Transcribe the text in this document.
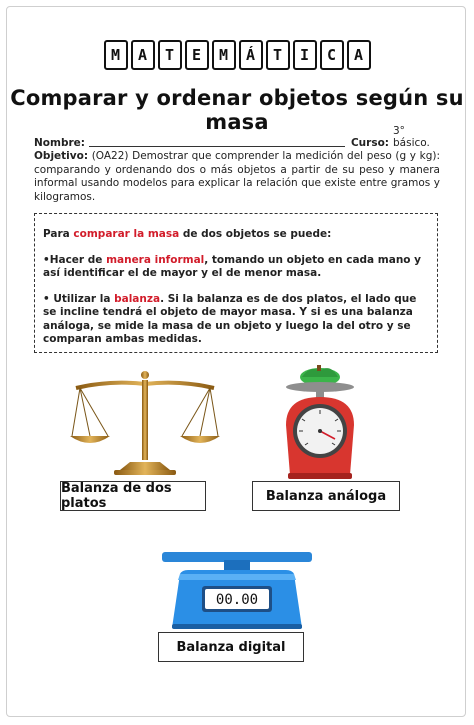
M	A	T	E	M	Á	T	I	C	A
Comparar y ordenar objetos según su masa
Nombre:	Curso:
3° básico.
Objetivo: (OA22) Demostrar que comprender la medición del peso (g y kg): comparando y ordenando dos o más objetos a partir de su peso y manera informal usando modelos para explicar la relación que existe entre gramos y kilogramos.

Para comparar la masa de dos objetos se puede:

•Hacer de manera informal, tomando un objeto en cada mano y así identificar el de mayor y el de menor masa.

• Utilizar la balanza. Si la balanza es de dos platos, el lado que se incline tendrá el objeto de mayor masa. Y si es una balanza análoga, se mide la masa de un objeto y luego la del otro y se comparan ambas medidas.

00.00
Balanza de dos platos	Balanza análoga
Balanza digital
